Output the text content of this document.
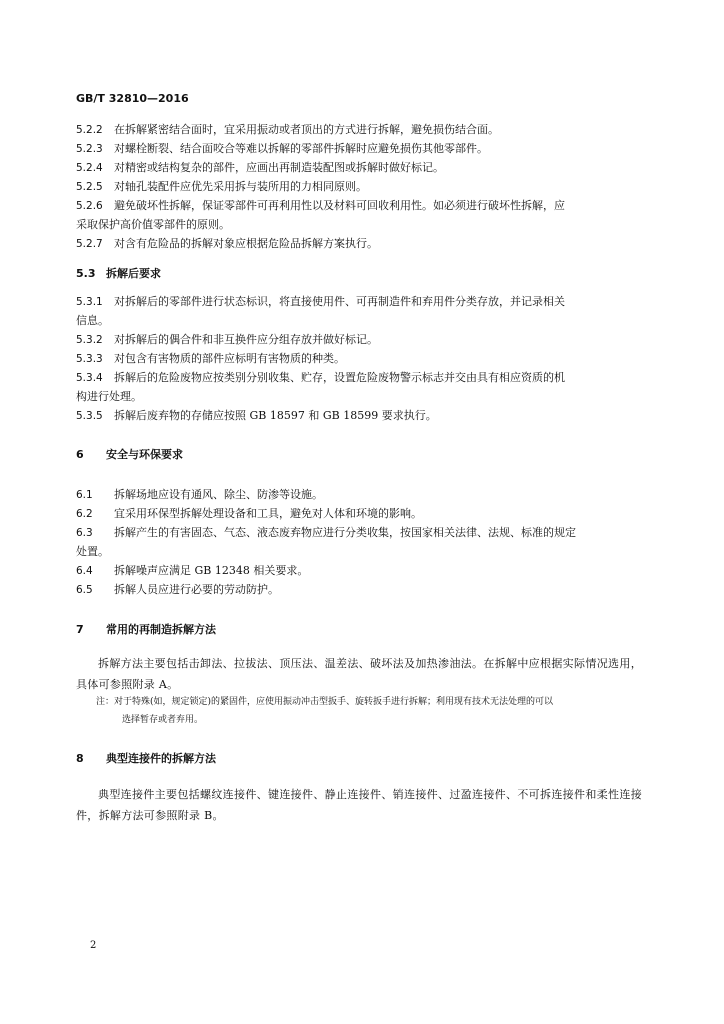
GB/T 32810—2016
5.2.2 在拆解紧密结合面时，宜采用振动或者顶出的方式进行拆解，避免损伤结合面。
5.2.3 对螺栓断裂、结合面咬合等难以拆解的零部件拆解时应避免损伤其他零部件。
5.2.4 对精密或结构复杂的部件，应画出再制造装配图或拆解时做好标记。
5.2.5 对轴孔装配件应优先采用拆与装所用的力相同原则。
5.2.6 避免破坏性拆解，保证零部件可再利用性以及材料可回收利用性。如必须进行破坏性拆解，应
采取保护高价值零部件的原则。
5.2.7 对含有危险品的拆解对象应根据危险品拆解方案执行。
5.3 拆解后要求
5.3.1 对拆解后的零部件进行状态标识，将直接使用件、可再制造件和弃用件分类存放，并记录相关
信息。
5.3.2 对拆解后的偶合件和非互换件应分组存放并做好标记。
5.3.3 对包含有害物质的部件应标明有害物质的种类。
5.3.4 拆解后的危险废物应按类别分别收集、贮存，设置危险废物警示标志并交由具有相应资质的机
构进行处理。
5.3.5 拆解后废弃物的存储应按照 GB 18597 和 GB 18599 要求执行。
6 安全与环保要求
6.1 拆解场地应设有通风、除尘、防渗等设施。
6.2 宜采用环保型拆解处理设备和工具，避免对人体和环境的影响。
6.3 拆解产生的有害固态、气态、液态废弃物应进行分类收集，按国家相关法律、法规、标准的规定
处置。
6.4 拆解噪声应满足 GB 12348 相关要求。
6.5 拆解人员应进行必要的劳动防护。
7 常用的再制造拆解方法
拆解方法主要包括击卸法、拉拔法、顶压法、温差法、破坏法及加热渗油法。在拆解中应根据实际情况选用，具体可参照附录 A。
注：对于特殊(如，规定锁定)的紧固件，应使用振动冲击型扳手、旋转扳手进行拆解；利用现有技术无法处理的可以
选择暂存或者弃用。
8 典型连接件的拆解方法
典型连接件主要包括螺纹连接件、键连接件、静止连接件、销连接件、过盈连接件、不可拆连接件和柔性连接件，拆解方法可参照附录 B。
2
